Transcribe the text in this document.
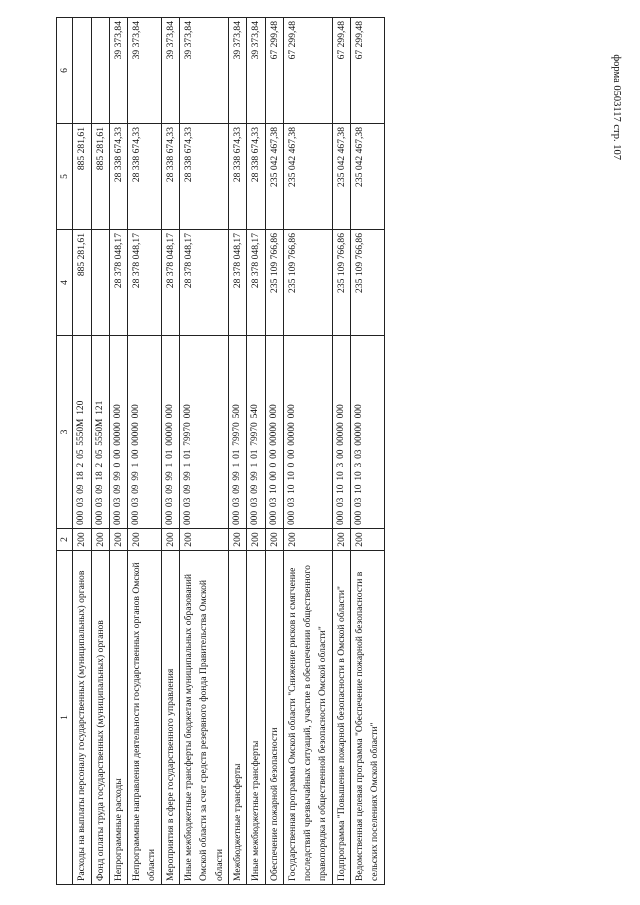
форма 0503117 стр. 107
1	2	3	4	5	6
Расходы на выплаты персоналу государственных (муниципальных) органов	200	000 03 09 18 2 05 5550M 120	885 281,61	885 281,61	
Фонд оплаты труда государственных (муниципальных) органов	200	000 03 09 18 2 05 5550M 121		885 281,61	
Непрограммные расходы	200	000 03 09 99 0 00 00000 000	28 378 048,17	28 338 674,33	39 373,84
Непрограммные направления деятельности государственных органов Омской области	200	000 03 09 99 1 00 00000 000	28 378 048,17	28 338 674,33	39 373,84
Мероприятия в сфере государственного управления	200	000 03 09 99 1 01 00000 000	28 378 048,17	28 338 674,33	39 373,84
Иные межбюджетные трансферты бюджетам муниципальных образований Омской области за счет средств резервного фонда Правительства Омской области	200	000 03 09 99 1 01 79970 000	28 378 048,17	28 338 674,33	39 373,84
Межбюджетные трансферты	200	000 03 09 99 1 01 79970 500	28 378 048,17	28 338 674,33	39 373,84
Иные межбюджетные трансферты	200	000 03 09 99 1 01 79970 540	28 378 048,17	28 338 674,33	39 373,84
Обеспечение пожарной безопасности	200	000 03 10 00 0 00 00000 000	235 109 766,86	235 042 467,38	67 299,48
Государственная программа Омской области "Снижение рисков и смягчение последствий чрезвычайных ситуаций, участие в обеспечении общественного правопорядка и общественной безопасности Омской области"	200	000 03 10 10 0 00 00000 000	235 109 766,86	235 042 467,38	67 299,48
Подпрограмма "Повышение пожарной безопасности в Омской области"	200	000 03 10 10 3 00 00000 000	235 109 766,86	235 042 467,38	67 299,48
Ведомственная целевая программа "Обеспечение пожарной безопасности в сельских поселениях Омской области"	200	000 03 10 10 3 03 00000 000	235 109 766,86	235 042 467,38	67 299,48
